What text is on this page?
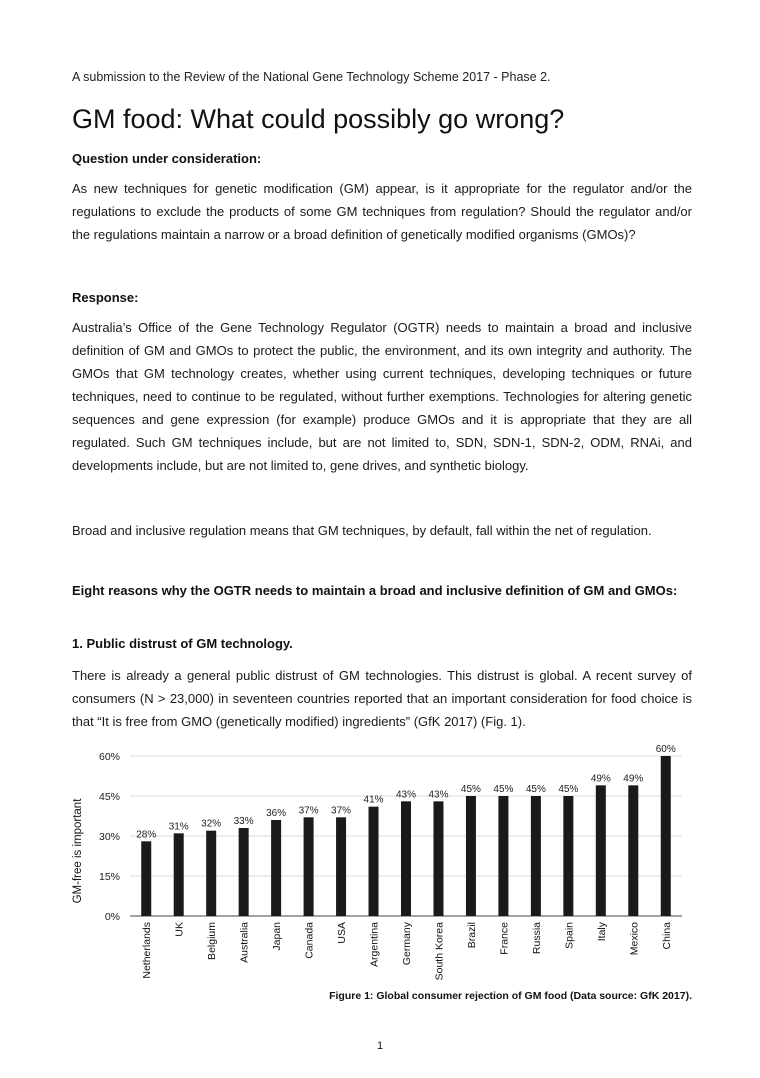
A submission to the Review of the National Gene Technology Scheme 2017 - Phase 2.
GM food: What could possibly go wrong?
Question under consideration:

As new techniques for genetic modification (GM) appear, is it appropriate for the regulator and/or the regulations to exclude the products of some GM techniques from regulation? Should the regulator and/or the regulations maintain a narrow or a broad definition of genetically modified organisms (GMOs)?

Response:

Australia’s Office of the Gene Technology Regulator (OGTR) needs to maintain a broad and inclusive definition of GM and GMOs to protect the public, the environment, and its own integrity and authority. The GMOs that GM technology creates, whether using current techniques, developing techniques or future techniques, need to continue to be regulated, without further exemptions. Technologies for altering genetic sequences and gene expression (for example) produce GMOs and it is appropriate that they are all regulated. Such GM techniques include, but are not limited to, SDN, SDN-1, SDN-2, ODM, RNAi, and developments include, but are not limited to, gene drives, and synthetic biology.

Broad and inclusive regulation means that GM techniques, by default, fall within the net of regulation.

Eight reasons why the OGTR needs to maintain a broad and inclusive definition of GM and GMOs:
1. Public distrust of GM technology.

There is already a general public distrust of GM technologies. This distrust is global. A recent survey of consumers (N > 23,000) in seventeen countries reported that an important consideration for food choice is that “It is free from GMO (genetically modified) ingredients” (GfK 2017) (Fig. 1).

0%
15%
30%
45%
60%
GM-free is important	28%
31% 32% 33%
36% 37% 37%
41% 43% 43% 45% 45% 45% 45%
49% 49%
60%
Netherlands UK Belgium Australia Japan Canada USA Argentina Germany South Korea Brazil France Russia Spain Italy Mexico China
Figure 1: Global consumer rejection of GM food (Data source: GfK 2017).
1
